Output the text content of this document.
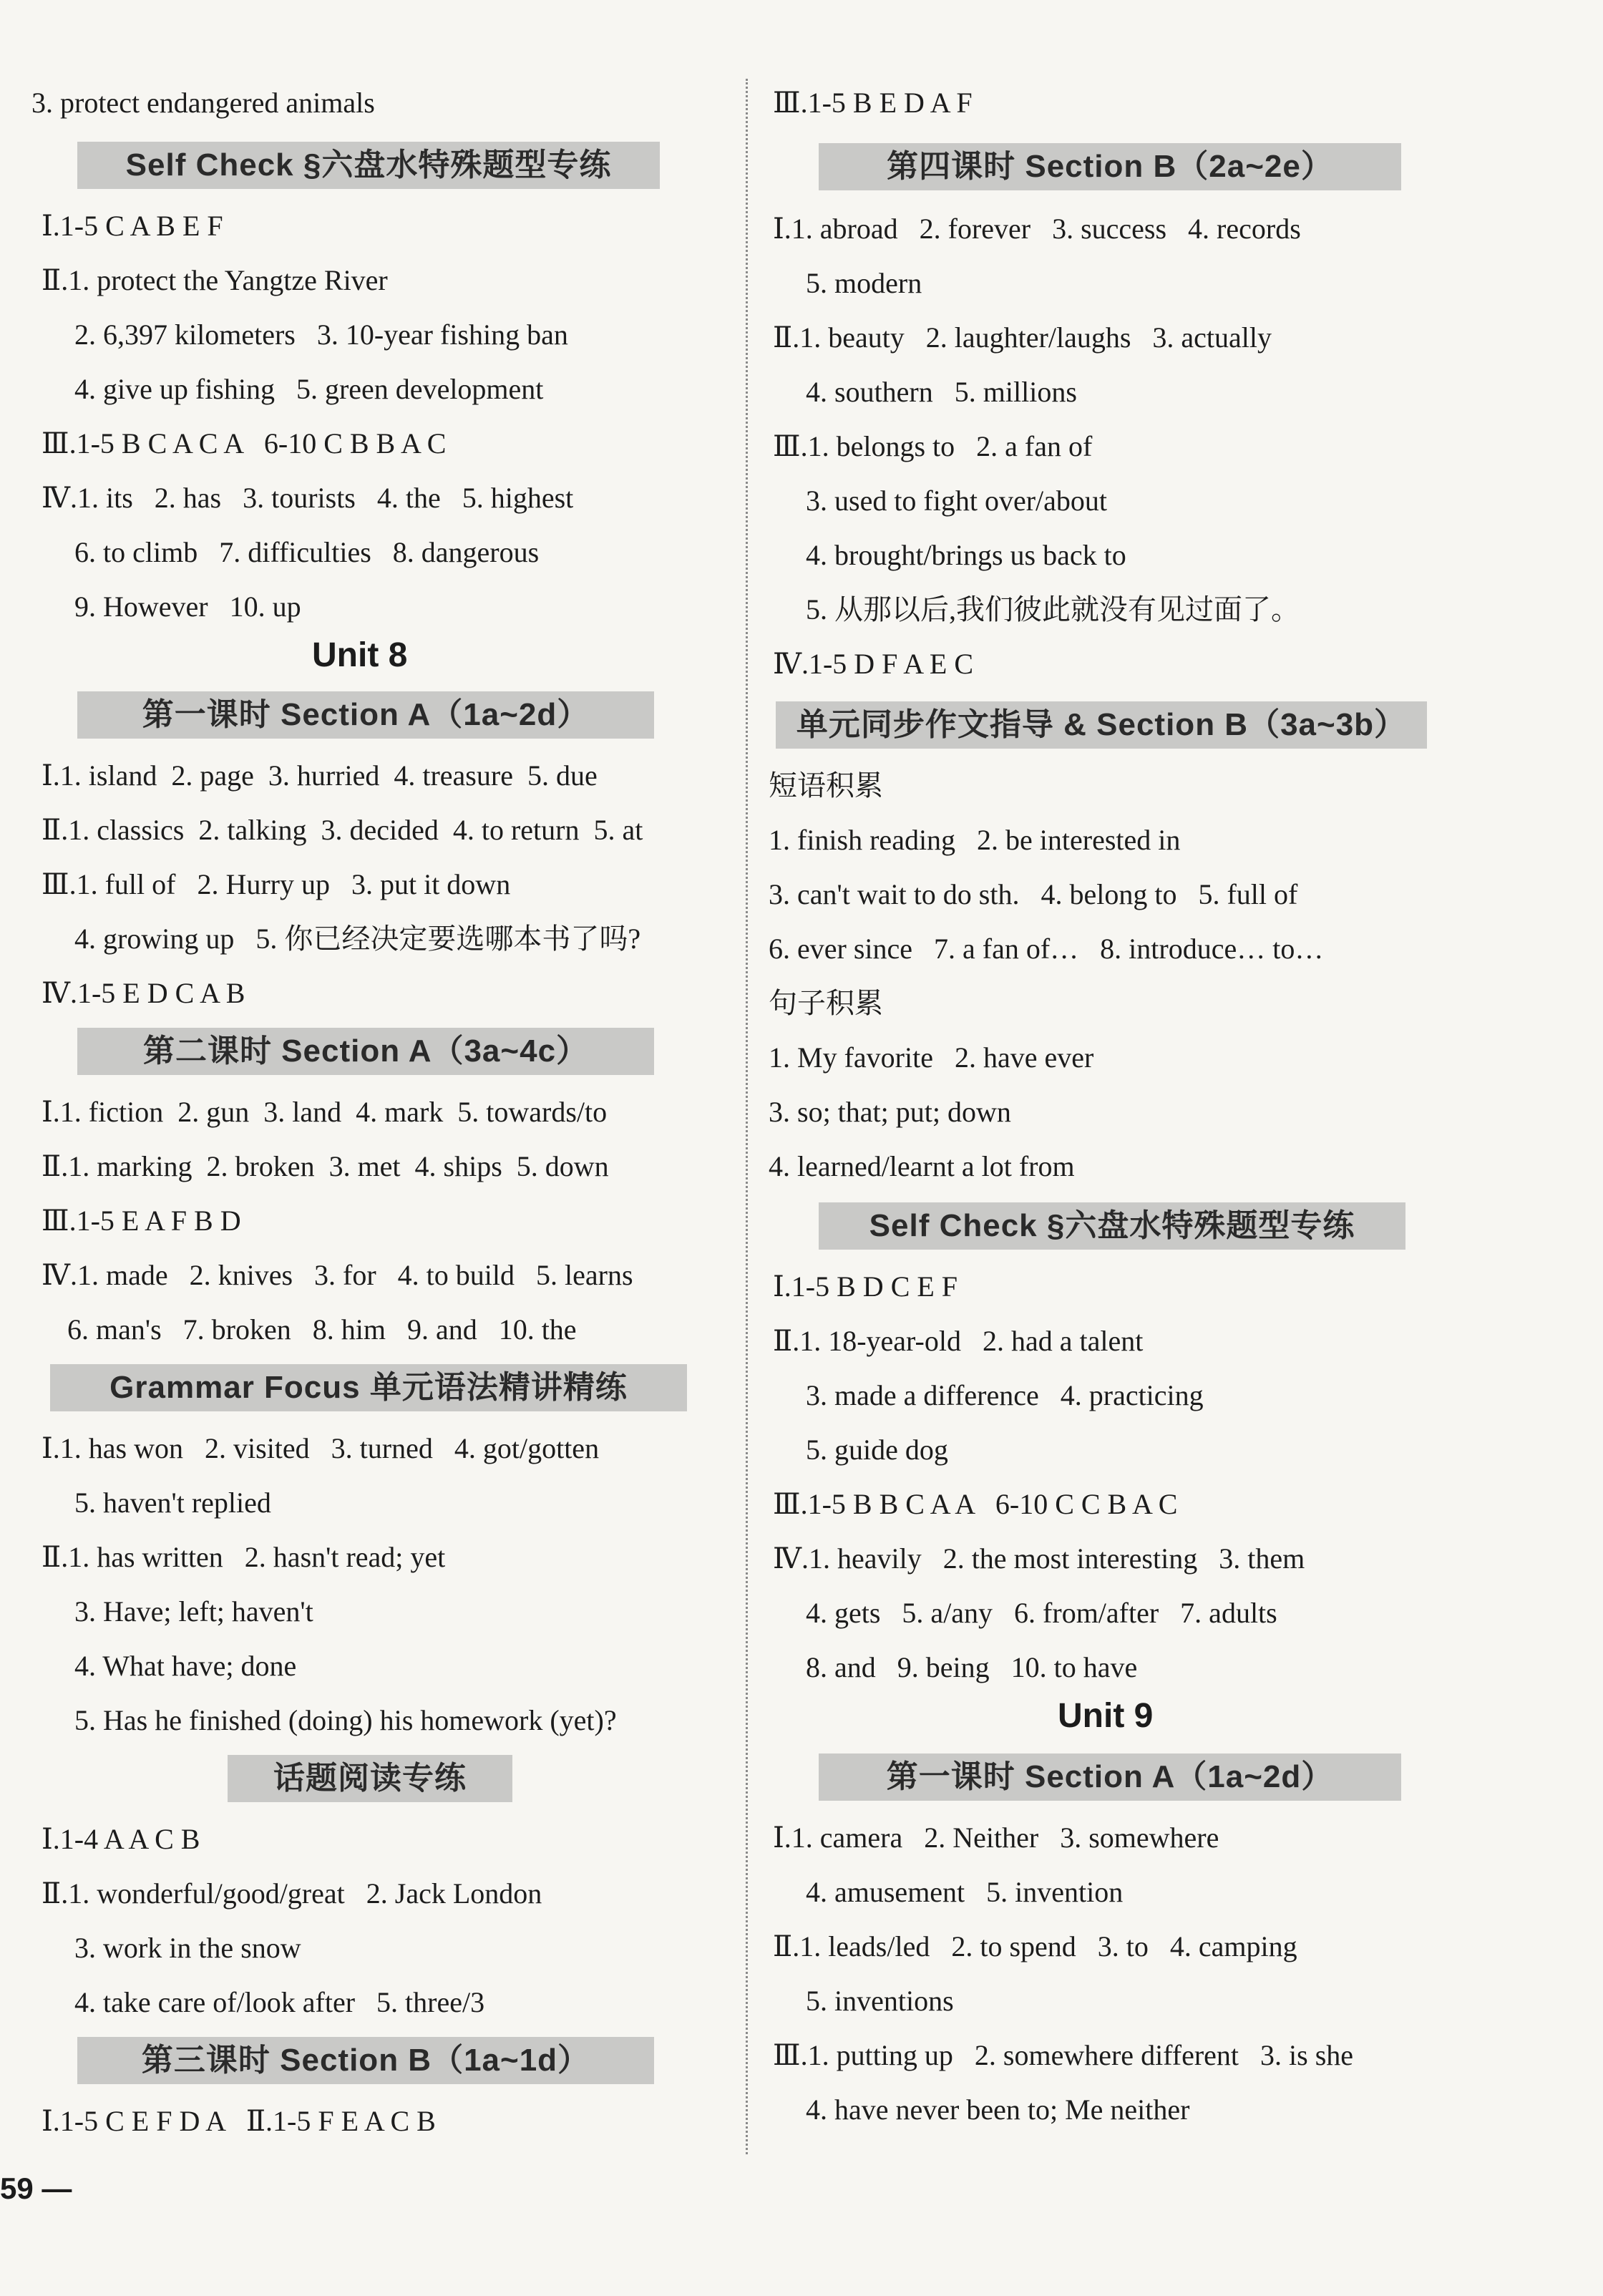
3. protect endangered animals
Self Check §六盘水特殊题型专练
Ⅰ.1-5 C A B E F
Ⅱ.1. protect the Yangtze River
2. 6,397 kilometers   3. 10-year fishing ban
4. give up fishing   5. green development
Ⅲ.1-5 B C A C A   6-10 C B B A C
Ⅳ.1. its   2. has   3. tourists   4. the   5. highest
6. to climb   7. difficulties   8. dangerous
9. However   10. up
Unit 8
第一课时 Section A（1a~2d）
Ⅰ.1. island  2. page  3. hurried  4. treasure  5. due
Ⅱ.1. classics  2. talking  3. decided  4. to return  5. at
Ⅲ.1. full of   2. Hurry up   3. put it down
4. growing up   5. 你已经决定要选哪本书了吗?
Ⅳ.1-5 E D C A B
第二课时 Section A（3a~4c）
Ⅰ.1. fiction  2. gun  3. land  4. mark  5. towards/to
Ⅱ.1. marking  2. broken  3. met  4. ships  5. down
Ⅲ.1-5 E A F B D
Ⅳ.1. made   2. knives   3. for   4. to build   5. learns
6. man's   7. broken   8. him   9. and   10. the
Grammar Focus 单元语法精讲精练
Ⅰ.1. has won   2. visited   3. turned   4. got/gotten
5. haven't replied
Ⅱ.1. has written   2. hasn't read; yet
3. Have; left; haven't
4. What have; done
5. Has he finished (doing) his homework (yet)?
话题阅读专练
Ⅰ.1-4 A A C B
Ⅱ.1. wonderful/good/great   2. Jack London
3. work in the snow
4. take care of/look after   5. three/3
第三课时 Section B（1a~1d）
Ⅰ.1-5 C E F D A   Ⅱ.1-5 F E A C B
Ⅲ.1-5 B E D A F
第四课时 Section B（2a~2e）
Ⅰ.1. abroad   2. forever   3. success   4. records
5. modern
Ⅱ.1. beauty   2. laughter/laughs   3. actually
4. southern   5. millions
Ⅲ.1. belongs to   2. a fan of
3. used to fight over/about
4. brought/brings us back to
5. 从那以后,我们彼此就没有见过面了。
Ⅳ.1-5 D F A E C
单元同步作文指导 & Section B（3a~3b）
短语积累
1. finish reading   2. be interested in
3. can't wait to do sth.   4. belong to   5. full of
6. ever since   7. a fan of…   8. introduce… to…
句子积累
1. My favorite   2. have ever
3. so; that; put; down
4. learned/learnt a lot from
Self Check §六盘水特殊题型专练
Ⅰ.1-5 B D C E F
Ⅱ.1. 18-year-old   2. had a talent
3. made a difference   4. practicing
5. guide dog
Ⅲ.1-5 B B C A A   6-10 C C B A C
Ⅳ.1. heavily   2. the most interesting   3. them
4. gets   5. a/any   6. from/after   7. adults
8. and   9. being   10. to have
Unit 9
第一课时 Section A（1a~2d）
Ⅰ.1. camera   2. Neither   3. somewhere
4. amusement   5. invention
Ⅱ.1. leads/led   2. to spend   3. to   4. camping
5. inventions
Ⅲ.1. putting up   2. somewhere different   3. is she
4. have never been to; Me neither
59 —
